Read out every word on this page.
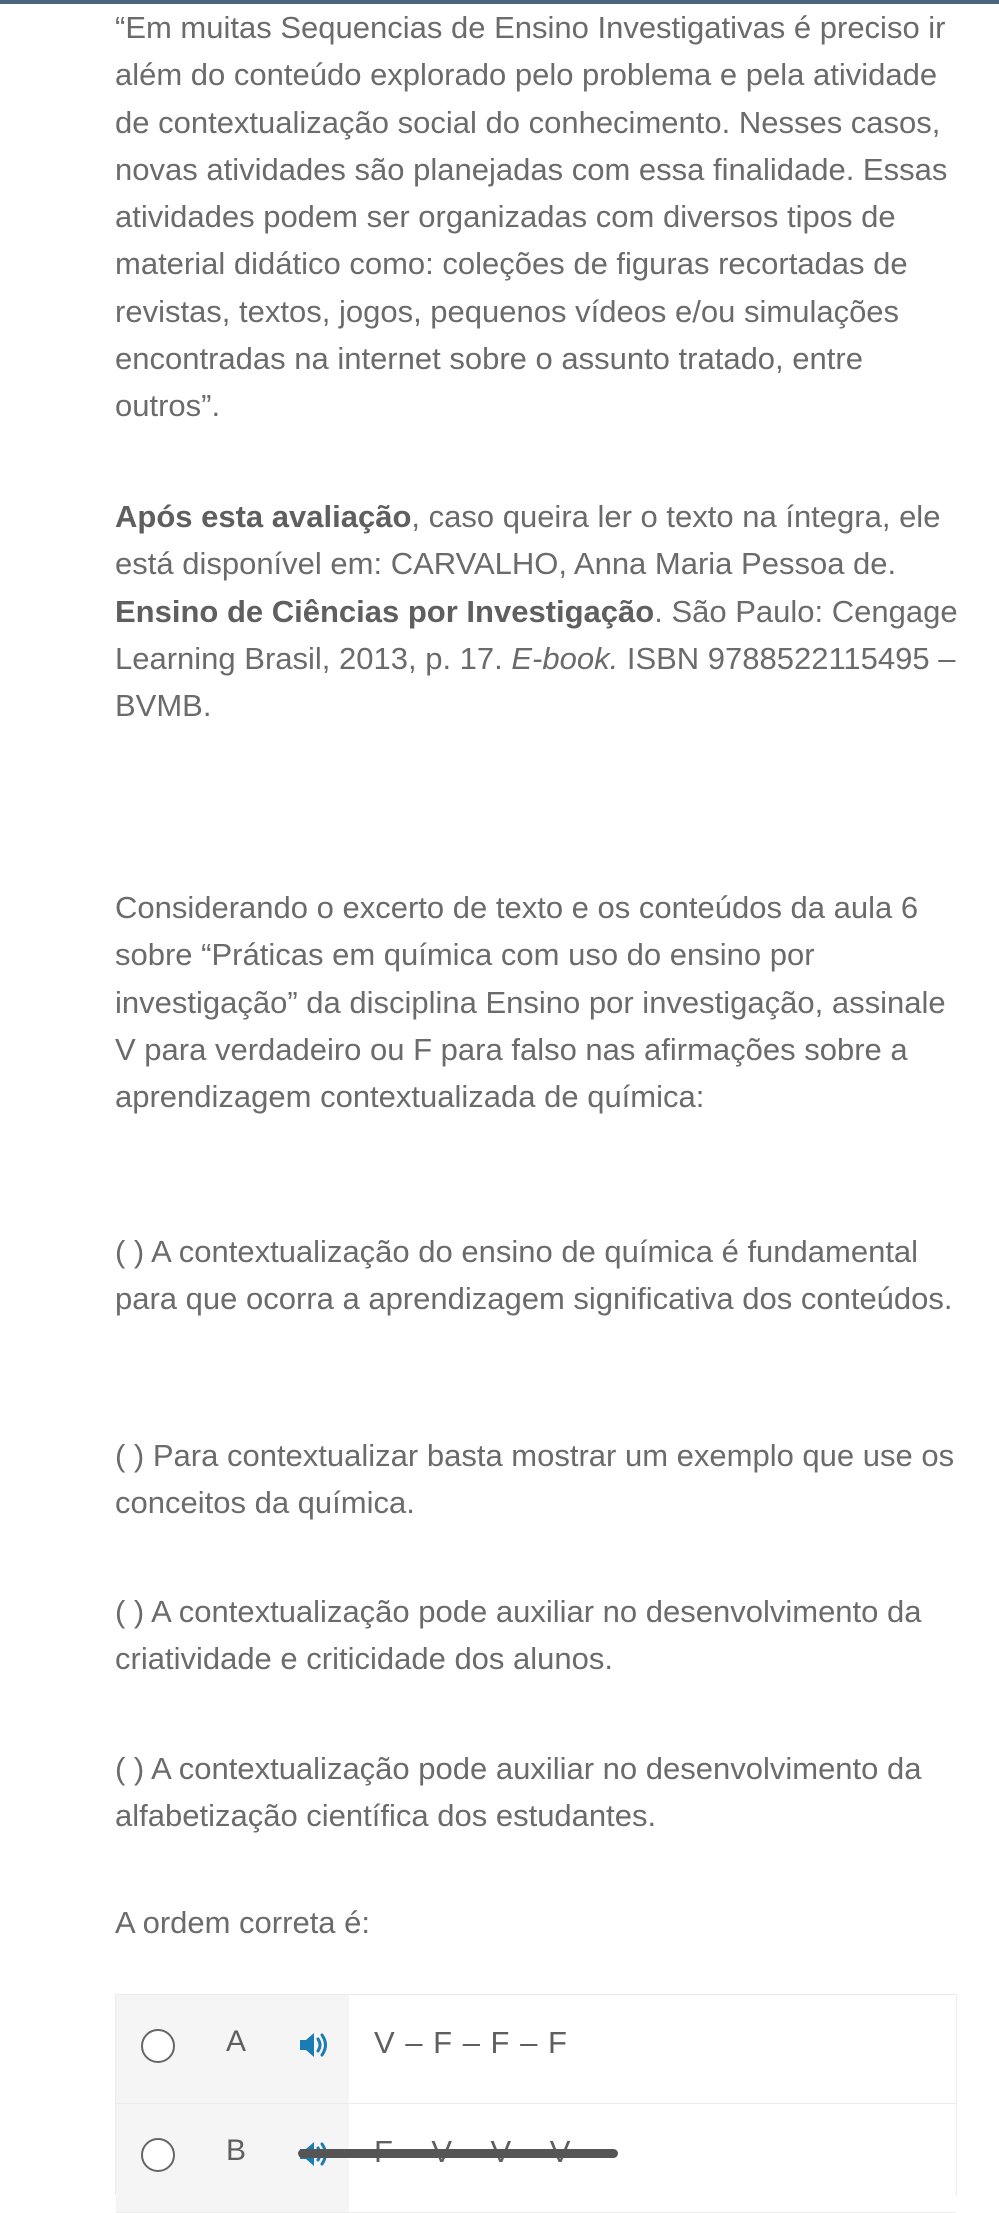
“Em muitas Sequencias de Ensino Investigativas é preciso ir além do conteúdo explorado pelo problema e pela atividade de contextualização social do conhecimento. Nesses casos, novas atividades são planejadas com essa finalidade. Essas atividades podem ser organizadas com diversos tipos de material didático como: coleções de figuras recortadas de revistas, textos, jogos, pequenos vídeos e/ou simulações encontradas na internet sobre o assunto tratado, entre outros”.

Após esta avaliação, caso queira ler o texto na íntegra, ele está disponível em: CARVALHO, Anna Maria Pessoa de. Ensino de Ciências por Investigação. São Paulo: Cengage Learning Brasil, 2013, p. 17. E-book. ISBN 9788522115495 – BVMB.

Considerando o excerto de texto e os conteúdos da aula 6 sobre “Práticas em química com uso do ensino por investigação” da disciplina Ensino por investigação, assinale V para verdadeiro ou F para falso nas afirmações sobre a aprendizagem contextualizada de química:

( ) A contextualização do ensino de química é fundamental para que ocorra a aprendizagem significativa dos conteúdos.

( ) Para contextualizar basta mostrar um exemplo que use os conceitos da química.

( ) A contextualização pode auxiliar no desenvolvimento da criatividade e criticidade dos alunos.

( ) A contextualização pode auxiliar no desenvolvimento da alfabetização científica dos estudantes.

A ordem correta é:

A	V – F – F – F
B
